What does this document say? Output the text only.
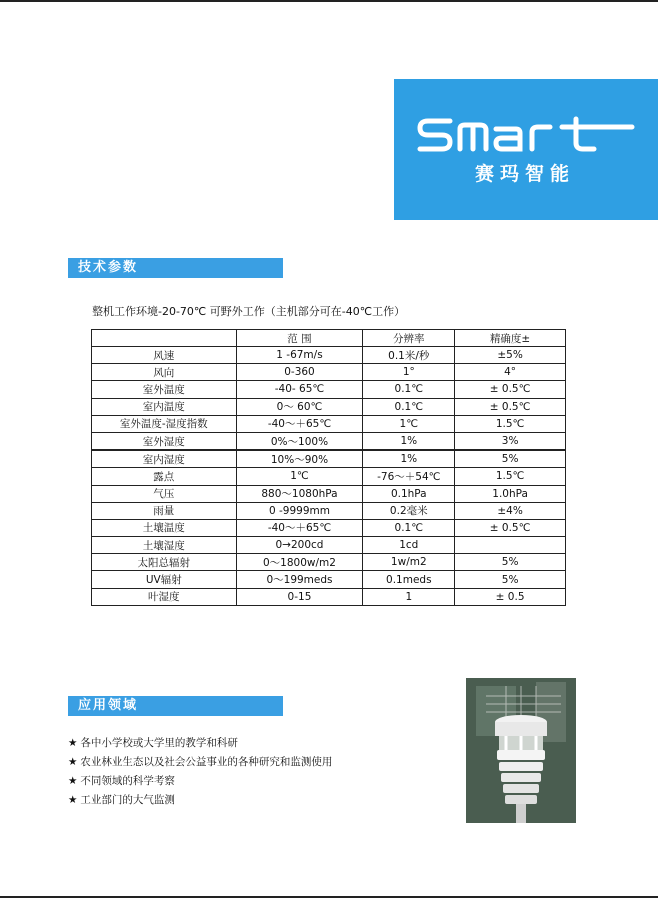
赛玛智能
技术参数
整机工作环境-20-70℃ 可野外工作（主机部分可在-40℃工作）
	范 围	分辨率	精确度±
风速	1 -67m/s	0.1米/秒	±5%
风向	0-360	1°	4°
室外温度	-40- 65℃	0.1℃	± 0.5℃
室内温度	0～ 60℃	0.1℃	± 0.5℃
室外温度-湿度指数	-40～＋65℃	1℃	1.5℃
室外湿度	0%～100%	1%	3%
室内湿度	10%～90%	1%	5%
露点	1℃	-76～＋54℃	1.5℃
气压	880～1080hPa	0.1hPa	1.0hPa
雨量	0 -9999mm	0.2毫米	±4%
土壤温度	-40～＋65℃	0.1℃	± 0.5℃
土壤湿度	0→200cd	1cd	
太阳总辐射	0～1800w/m2	1w/m2	5%
UV辐射	0～199meds	0.1meds	5%
叶湿度	0-15	1	± 0.5
应用领域
★ 各中小学校或大学里的教学和科研
★ 农业林业生态以及社会公益事业的各种研究和监测使用
★ 不同领域的科学考察
★ 工业部门的大气监测
